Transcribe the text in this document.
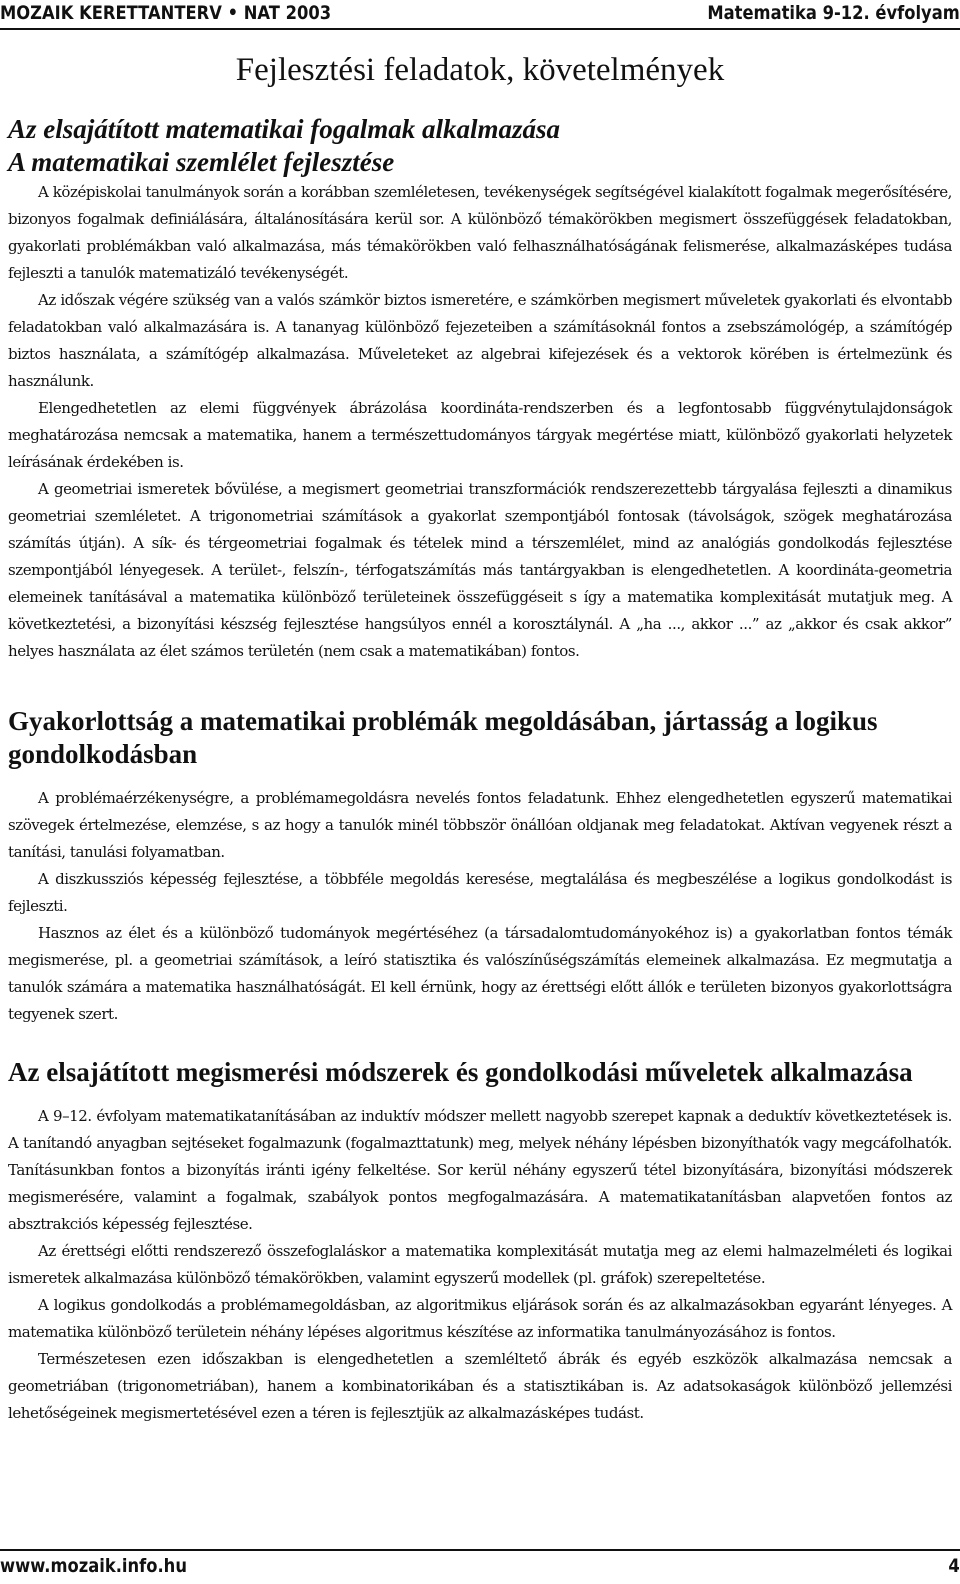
MOZAIK KERETTANTERV • NAT 2003	Matematika 9-12. évfolyam
Fejlesztési feladatok, követelmények
Az elsajátított matematikai fogalmak alkalmazása
A matematikai szemlélet fejlesztése

A középiskolai tanulmányok során a korábban szemléletesen, tevékenységek segítségével kialakított fogalmak megerősítésére, bizonyos fogalmak definiálására, általánosítására kerül sor. A különböző témakörökben megismert összefüggések feladatokban, gyakorlati problémákban való alkalmazása, más témakörökben való felhasználhatóságának felismerése, alkalmazásképes tudása fejleszti a tanulók matematizáló tevékenységét.

Az időszak végére szükség van a valós számkör biztos ismeretére, e számkörben megismert műveletek gyakorlati és elvontabb feladatokban való alkalmazására is. A tananyag különböző fejezeteiben a számításoknál fontos a zsebszámológép, a számítógép biztos használata, a számítógép alkalmazása. Műveleteket az algebrai kifejezések és a vektorok körében is értelmezünk és használunk.

Elengedhetetlen az elemi függvények ábrázolása koordináta-rendszerben és a legfontosabb függvénytulajdonságok meghatározása nemcsak a matematika, hanem a természettudományos tárgyak megértése miatt, különböző gyakorlati helyzetek leírásának érdekében is.

A geometriai ismeretek bővülése, a megismert geometriai transzformációk rendszerezettebb tárgyalása fejleszti a dinamikus geometriai szemléletet. A trigonometriai számítások a gyakorlat szempontjából fontosak (távolságok, szögek meghatározása számítás útján). A sík- és térgeometriai fogalmak és tételek mind a térszemlélet, mind az analógiás gondolkodás fejlesztése szempontjából lényegesek. A terület-, felszín-, térfogatszámítás más tantárgyakban is elengedhetetlen. A koordináta-geometria elemeinek tanításával a matematika különböző területeinek összefüggéseit s így a matematika komplexitását mutatjuk meg. A következtetési, a bizonyítási készség fejlesztése hangsúlyos ennél a korosztálynál. A „ha ..., akkor ...” az „akkor és csak akkor” helyes használata az élet számos területén (nem csak a matematikában) fontos.

Gyakorlottság a matematikai problémák megoldásában, jártasság a logikus gondolkodásban

A problémaérzékenységre, a problémamegoldásra nevelés fontos feladatunk. Ehhez elengedhetetlen egyszerű matematikai szövegek értelmezése, elemzése, s az hogy a tanulók minél többször önállóan oldjanak meg feladatokat. Aktívan vegyenek részt a tanítási, tanulási folyamatban.

A diszkussziós képesség fejlesztése, a többféle megoldás keresése, megtalálása és megbeszélése a logikus gondolkodást is fejleszti.

Hasznos az élet és a különböző tudományok megértéséhez (a társadalomtudományokéhoz is) a gyakorlatban fontos témák megismerése, pl. a geometriai számítások, a leíró statisztika és valószínűségszámítás elemeinek alkalmazása. Ez megmutatja a tanulók számára a matematika használhatóságát. El kell érnünk, hogy az érettségi előtt állók e területen bizonyos gyakorlottságra tegyenek szert.

Az elsajátított megismerési módszerek és gondolkodási műveletek alkalmazása

A 9–12. évfolyam matematikatanításában az induktív módszer mellett nagyobb szerepet kapnak a deduktív következtetések is. A tanítandó anyagban sejtéseket fogalmazunk (fogalmazttatunk) meg, melyek néhány lépésben bizonyíthatók vagy megcáfolhatók. Tanításunkban fontos a bizonyítás iránti igény felkeltése. Sor kerül néhány egyszerű tétel bizonyítására, bizonyítási módszerek megismerésére, valamint a fogalmak, szabályok pontos megfogalmazására. A matematikatanításban alapvetően fontos az absztrakciós képesség fejlesztése.

Az érettségi előtti rendszerező összefoglaláskor a matematika komplexitását mutatja meg az elemi halmazelméleti és logikai ismeretek alkalmazása különböző témakörökben, valamint egyszerű modellek (pl. gráfok) szerepeltetése.

A logikus gondolkodás a problémamegoldásban, az algoritmikus eljárások során és az alkalmazásokban egyaránt lényeges. A matematika különböző területein néhány lépéses algoritmus készítése az informatika tanulmányozásához is fontos.

Természetesen ezen időszakban is elengedhetetlen a szemléltető ábrák és egyéb eszközök alkalmazása nemcsak a geometriában (trigonometriában), hanem a kombinatorikában és a statisztikában is. Az adatsokaságok különböző jellemzési lehetőségeinek megismertetésével ezen a téren is fejlesztjük az alkalmazásképes tudást.

www.mozaik.info.hu	4
